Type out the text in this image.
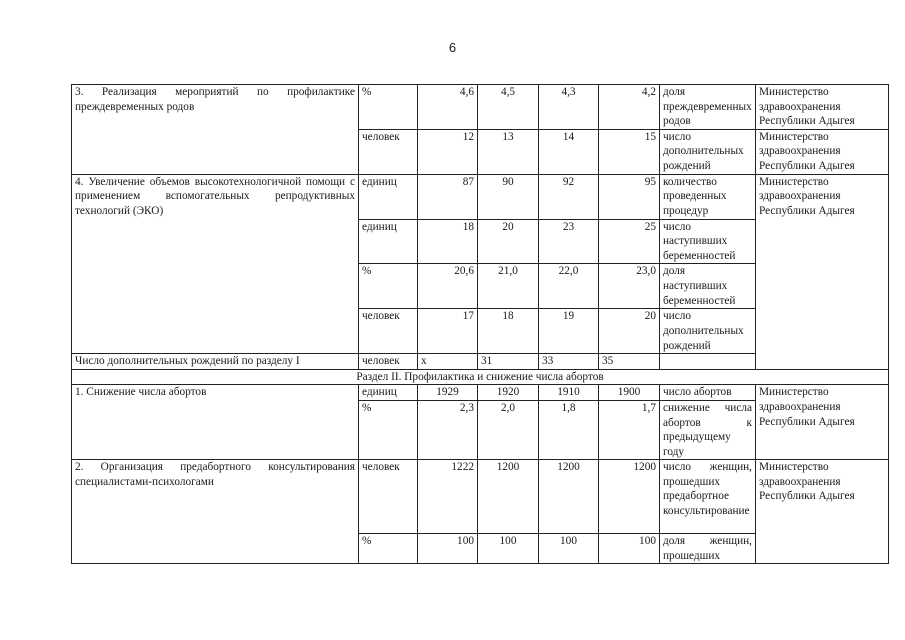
6
3. Реализация мероприятий по профилактике преждевременных родов	%	4,6	4,5	4,3	4,2	доля преждевременных родов	Министерство здравоохранения Республики Адыгея
	человек	12	13	14	15	число дополнительных рождений	Министерство здравоохранения Республики Адыгея
4. Увеличение объемов высокотехнологичной помощи с применением вспомогательных репродуктивных технологий (ЭКО)	единиц	87	90	92	95	количество проведенных процедур	Министерство здравоохранения Республики Адыгея
	единиц	18	20	23	25	число наступивших беременностей	
	%	20,6	21,0	22,0	23,0	доля наступивших беременностей	
	человек	17	18	19	20	число дополнительных рождений	
Число дополнительных рождений по разделу I	человек	x	31	33	35		
Раздел II. Профилактика и снижение числа абортов							
1. Снижение числа абортов	единиц	1929	1920	1910	1900	число абортов	Министерство здравоохранения Республики Адыгея
	%	2,3	2,0	1,8	1,7	снижение числа абортов к предыдущему году	
2. Организация предабортного консультирования специалистами-психологами	человек	1222	1200	1200	1200	число женщин, прошедших предабортное консультирование	Министерство здравоохранения Республики Адыгея
	%	100	100	100	100	доля женщин, прошедших	
